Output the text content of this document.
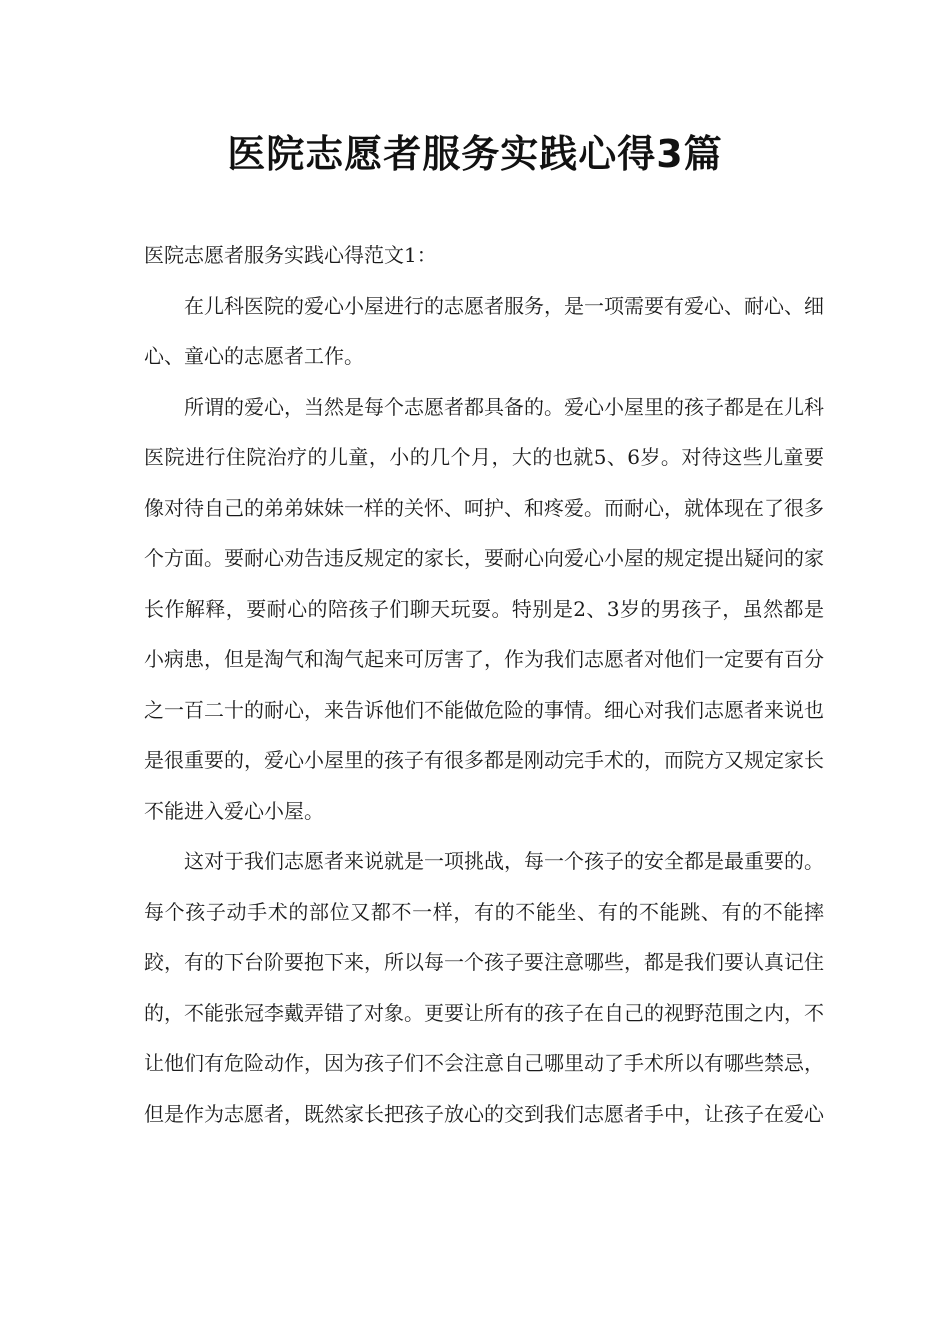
医院志愿者服务实践心得3篇

医院志愿者服务实践心得范文1：

在儿科医院的爱心小屋进行的志愿者服务，是一项需要有爱心、耐心、细心、童心的志愿者工作。

所谓的爱心，当然是每个志愿者都具备的。爱心小屋里的孩子都是在儿科医院进行住院治疗的儿童，小的几个月，大的也就5、6岁。对待这些儿童要像对待自己的弟弟妹妹一样的关怀、呵护、和疼爱。而耐心，就体现在了很多个方面。要耐心劝告违反规定的家长，要耐心向爱心小屋的规定提出疑问的家长作解释，要耐心的陪孩子们聊天玩耍。特别是2、3岁的男孩子，虽然都是小病患，但是淘气和淘气起来可厉害了，作为我们志愿者对他们一定要有百分之一百二十的耐心，来告诉他们不能做危险的事情。细心对我们志愿者来说也是很重要的，爱心小屋里的孩子有很多都是刚动完手术的，而院方又规定家长不能进入爱心小屋。

这对于我们志愿者来说就是一项挑战，每一个孩子的安全都是最重要的。每个孩子动手术的部位又都不一样，有的不能坐、有的不能跳、有的不能摔跤，有的下台阶要抱下来，所以每一个孩子要注意哪些，都是我们要认真记住的，不能张冠李戴弄错了对象。更要让所有的孩子在自己的视野范围之内，不让他们有危险动作，因为孩子们不会注意自己哪里动了手术所以有哪些禁忌，但是作为志愿者，既然家长把孩子放心的交到我们志愿者手中，让孩子在爱心
